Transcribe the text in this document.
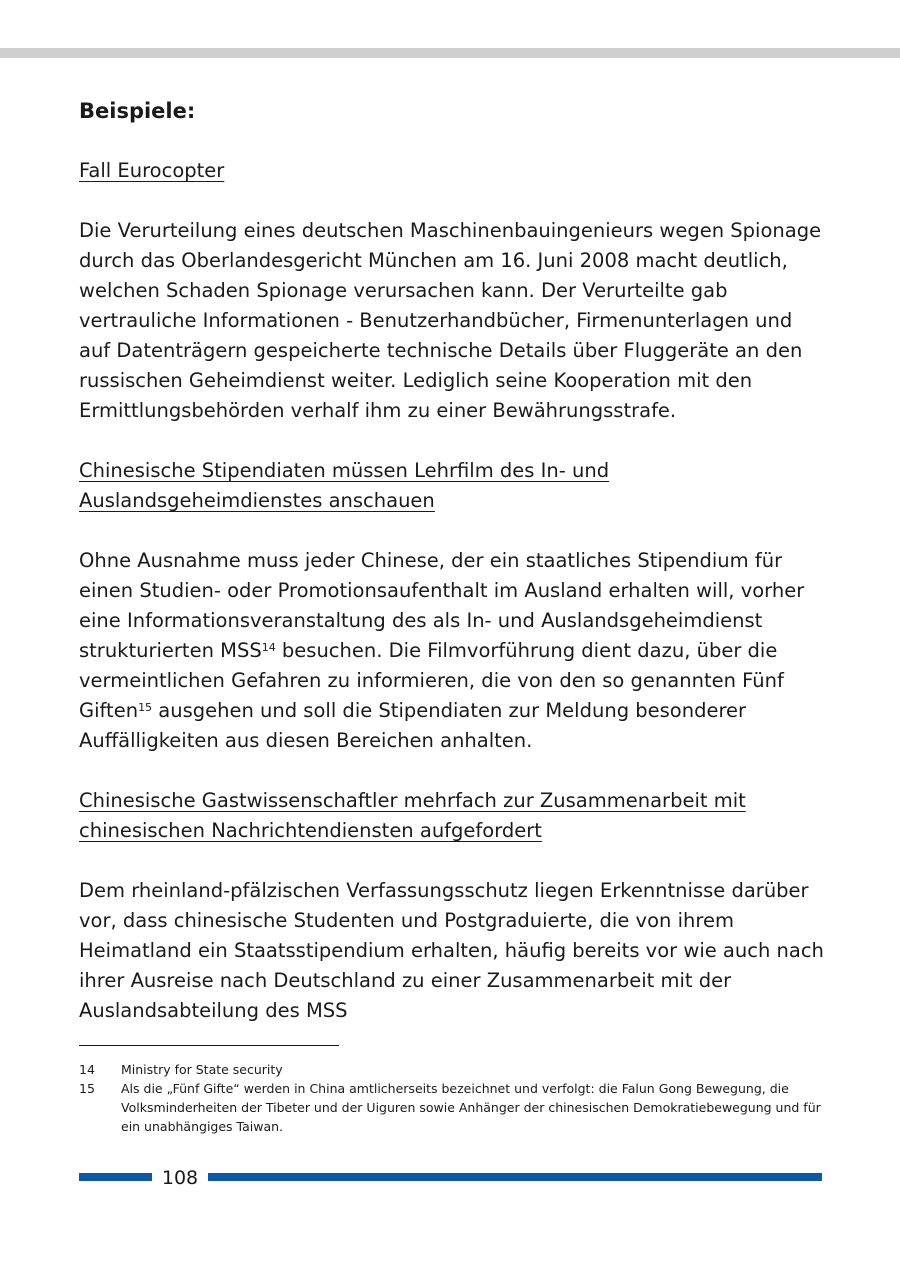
Beispiele:

Fall Eurocopter

Die Verurteilung eines deutschen Maschinenbauingenieurs wegen Spionage durch das Oberlandesgericht München am 16. Juni 2008 macht deutlich, welchen Schaden Spionage verursachen kann. Der Verurteilte gab vertrauliche Informationen - Benutzerhandbücher, Firmenunterlagen und auf Datenträgern gespeicherte technische Details über Fluggeräte an den russischen Geheimdienst weiter. Lediglich seine Kooperation mit den Ermittlungsbehörden verhalf ihm zu einer Bewährungsstrafe.

Chinesische Stipendiaten müssen Lehrfilm des In- und Auslandsgeheimdienstes anschauen

Ohne Ausnahme muss jeder Chinese, der ein staatliches Stipendium für einen Studien- oder Promotionsaufenthalt im Ausland erhalten will, vorher eine Informationsveranstaltung des als In- und Auslandsgeheimdienst strukturierten MSS$^{14}$ besuchen. Die Filmvorführung dient dazu, über die vermeintlichen Gefahren zu informieren, die von den so genannten Fünf Giften$^{15}$ ausgehen und soll die Stipendiaten zur Meldung besonderer Auffälligkeiten aus diesen Bereichen anhalten.

Chinesische Gastwissenschaftler mehrfach zur Zusammenarbeit mit chinesischen Nachrichtendiensten aufgefordert

Dem rheinland-pfälzischen Verfassungsschutz liegen Erkenntnisse darüber vor, dass chinesische Studenten und Postgraduierte, die von ihrem Heimatland ein Staatsstipendium erhalten, häufig bereits vor wie auch nach ihrer Ausreise nach Deutschland zu einer Zusammenarbeit mit der Auslandsabteilung des MSS

14	Ministry for State security
15	Als die „Fünf Gifte“ werden in China amtlicherseits bezeichnet und verfolgt: die Falun Gong Bewegung, die Volksminderheiten der Tibeter und der Uiguren sowie Anhänger der chinesischen Demokratiebewegung und für ein unabhängiges Taiwan.
108
